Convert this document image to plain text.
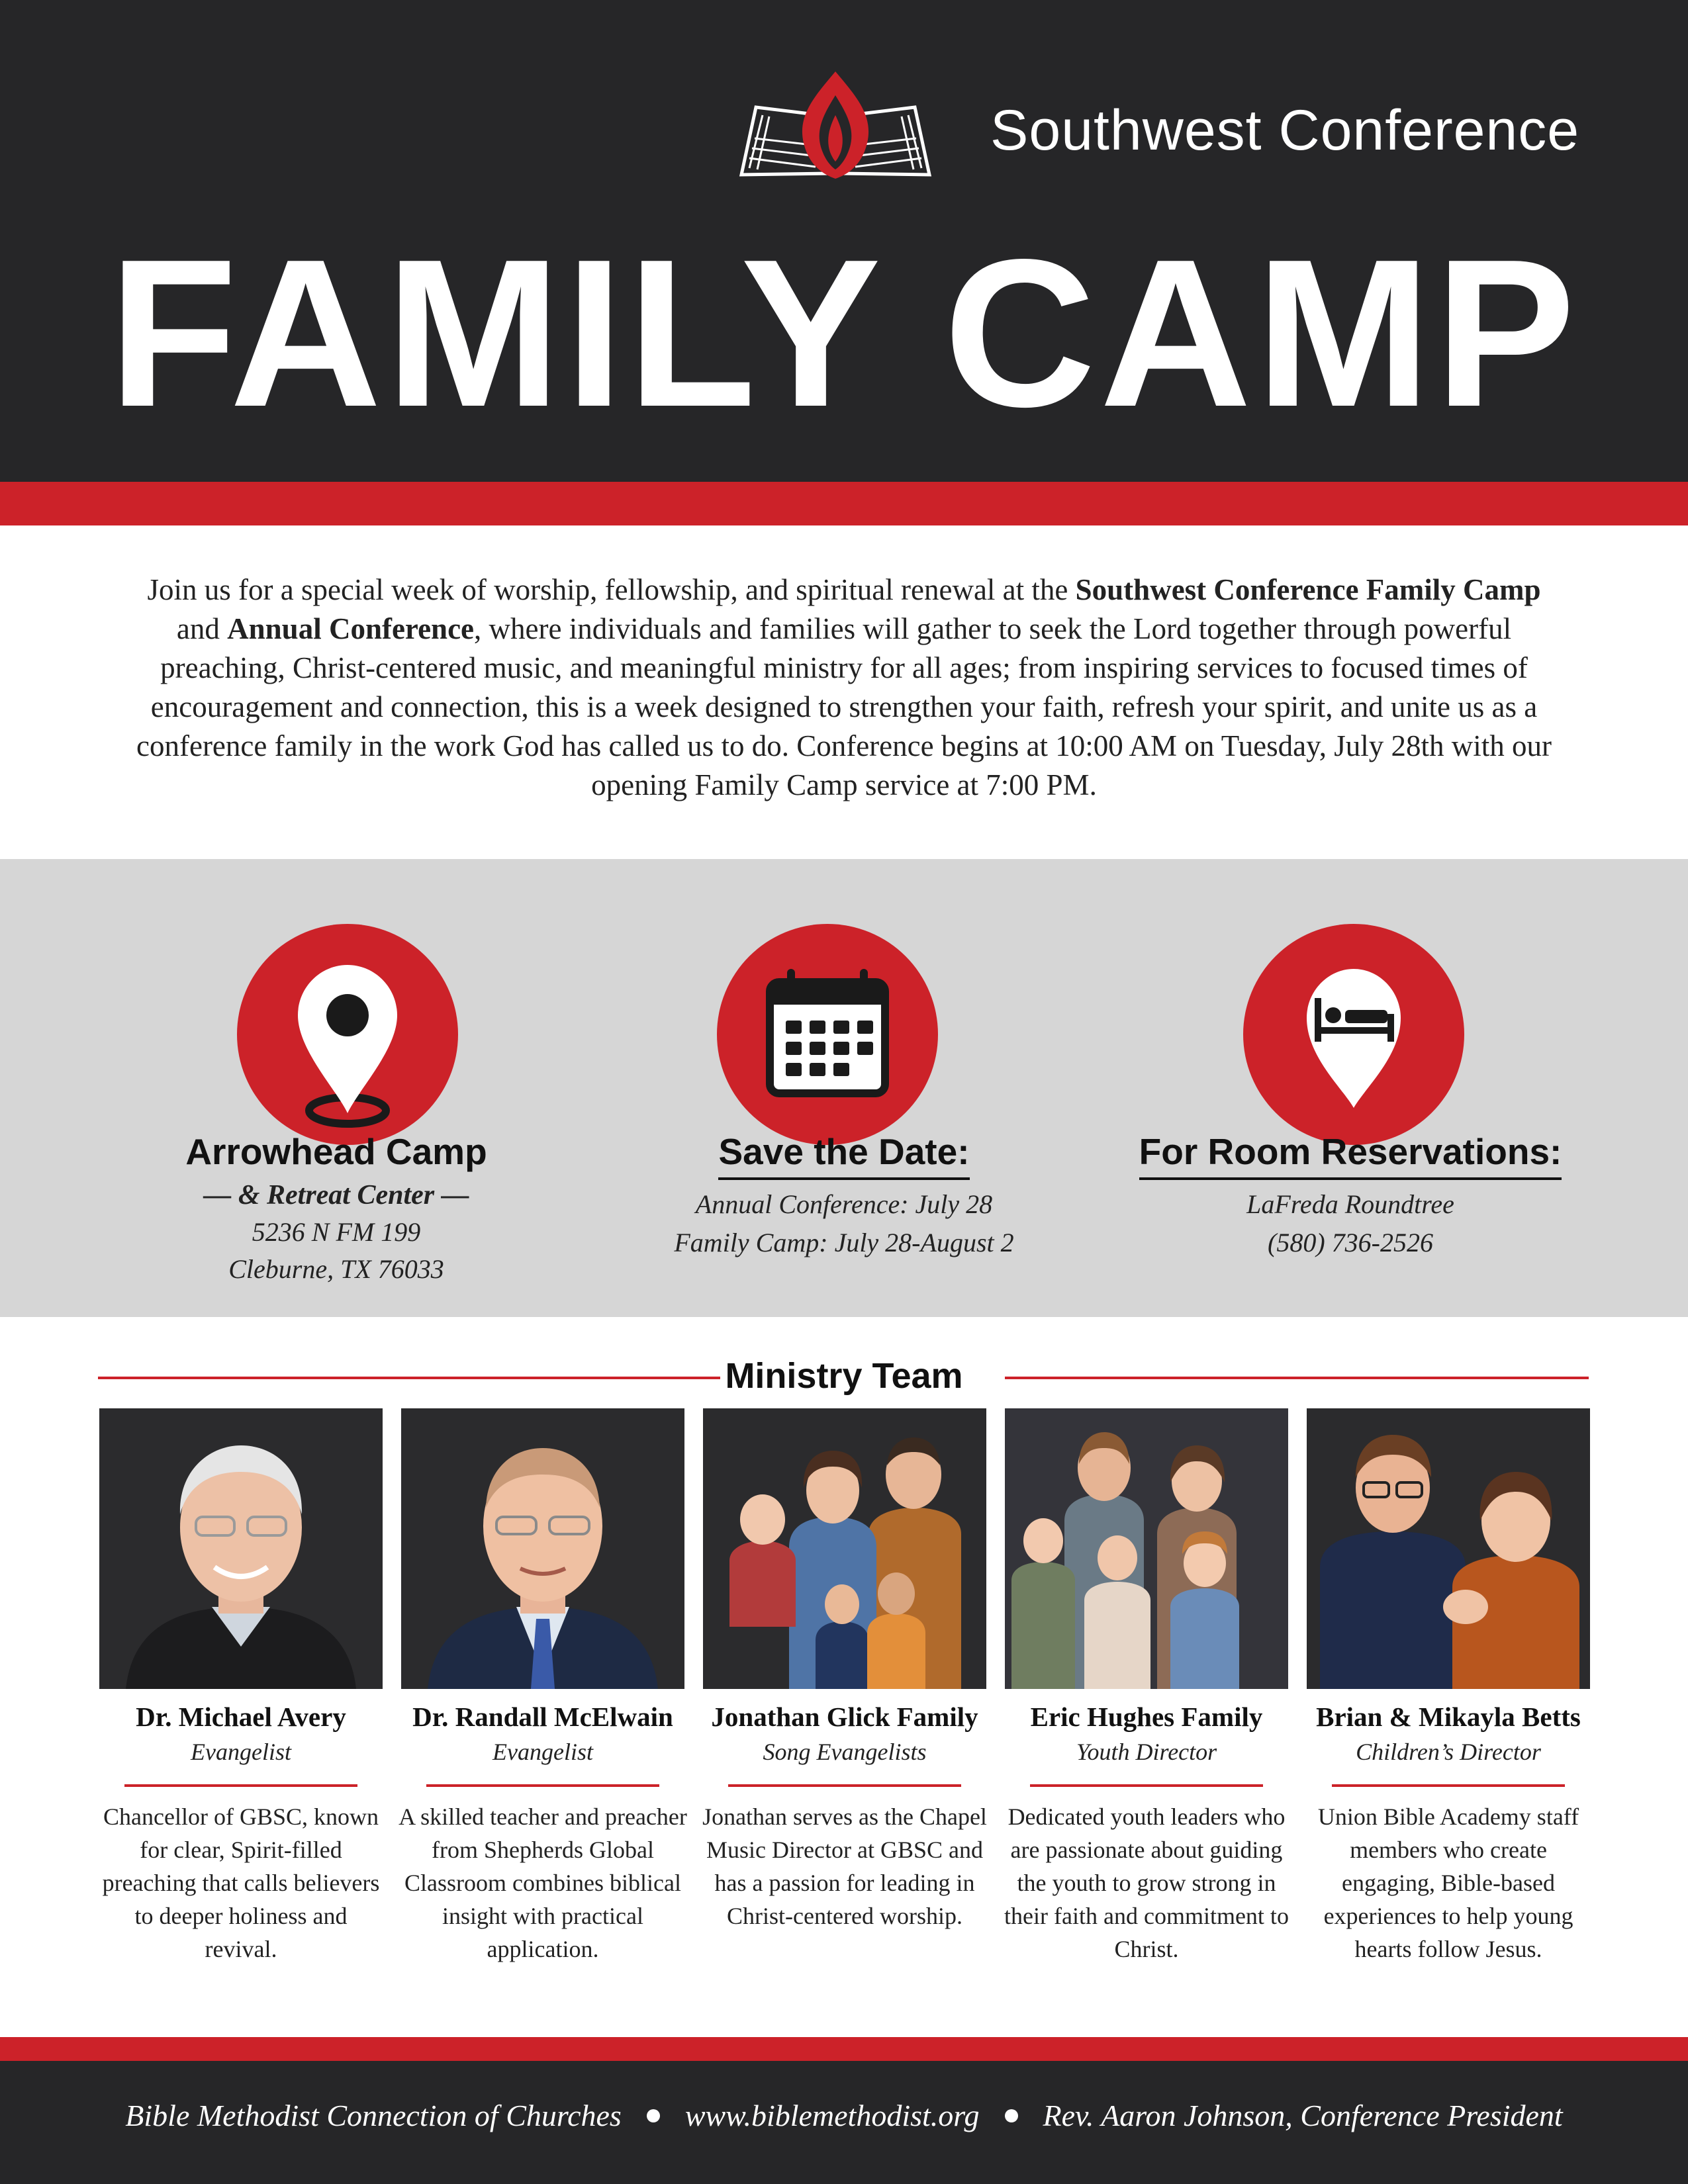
Southwest Conference
FAMILY CAMP

Join us for a special week of worship, fellowship, and spiritual renewal at the Southwest Conference Family Camp and Annual Conference, where individuals and families will gather to seek the Lord together through powerful preaching, Christ-centered music, and meaningful ministry for all ages; from inspiring services to focused times of encouragement and connection, this is a week designed to strengthen your faith, refresh your spirit, and unite us as a conference family in the work God has called us to do. Conference begins at 10:00 AM on Tuesday, July 28th with our opening Family Camp service at 7:00 PM.

Arrowhead Camp
— & Retreat Center —
5236 N FM 199
Cleburne, TX 76033
Save the Date:
Annual Conference: July 28
Family Camp: July 28-August 2
For Room Reservations:
LaFreda Roundtree
(580) 736-2526
Ministry Team
Dr. Michael Avery
Evangelist
Chancellor of GBSC, known for clear, Spirit-filled preaching that calls believers to deeper holiness and revival.
Dr. Randall McElwain
Evangelist
A skilled teacher and preacher from Shepherds Global Classroom combines biblical insight with practical application.
Jonathan Glick Family
Song Evangelists
Jonathan serves as the Chapel Music Director at GBSC and has a passion for leading in Christ-centered worship.
Eric Hughes Family
Youth Director
Dedicated youth leaders who are passionate about guiding the youth to grow strong in their faith and commitment to Christ.
Brian & Mikayla Betts
Children’s Director
Union Bible Academy staff members who create engaging, Bible-based experiences to help young hearts follow Jesus.
Bible Methodist Connection of Churches www.biblemethodist.org Rev. Aaron Johnson, Conference President
